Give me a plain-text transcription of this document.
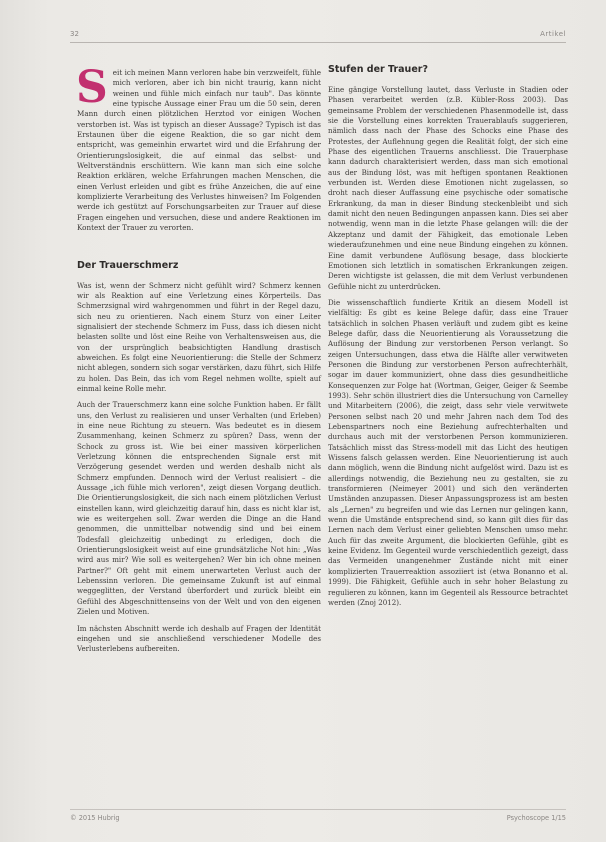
32	Artikel

Seit ich meinen Mann verloren habe bin verzweifelt, fühle mich verloren, aber ich bin nicht traurig, kann nicht weinen und fühle mich einfach nur taub". Das könnte eine typische Aussage einer Frau um die 50 sein, deren Mann durch einen plötzlichen Herztod vor einigen Wochen verstorben ist. Was ist typisch an dieser Aussage? Typisch ist das Erstaunen über die eigene Reaktion, die so gar nicht dem entspricht, was gemeinhin erwartet wird und die Erfahrung der Orientierungslosigkeit, die auf einmal das selbst- und Weltverständnis erschüttern. Wie kann man sich eine solche Reaktion erklären, welche Erfahrungen machen Menschen, die einen Verlust erleiden und gibt es frühe Anzeichen, die auf eine komplizierte Verarbeitung des Verlustes hinweisen? Im Folgenden werde ich gestützt auf Forschungsarbeiten zur Trauer auf diese Fragen eingehen und versuchen, diese und andere Reaktionen im Kontext der Trauer zu verorten.

Der Trauerschmerz

Was ist, wenn der Schmerz nicht gefühlt wird? Schmerz kennen wir als Reaktion auf eine Verletzung eines Körperteils. Das Schmerzsignal wird wahrgenommen und führt in der Regel dazu, sich neu zu orientieren. Nach einem Sturz von einer Leiter signalisiert der stechende Schmerz im Fuss, dass ich diesen nicht belasten sollte und löst eine Reihe von Verhaltensweisen aus, die von der ursprünglich beabsichtigten Handlung drastisch abweichen. Es folgt eine Neuorientierung: die Stelle der Schmerz nicht ablegen, sondern sich sogar verstärken, dazu führt, sich Hilfe zu holen. Das Bein, das ich vom Regel nehmen wollte, spielt auf einmal keine Rolle mehr.

Auch der Trauerschmerz kann eine solche Funktion haben. Er fällt uns, den Verlust zu realisieren und unser Verhalten (und Erleben) in eine neue Richtung zu steuern. Was bedeutet es in diesem Zusammenhang, keinen Schmerz zu spüren? Dass, wenn der Schock zu gross ist. Wie bei einer massiven körperlichen Verletzung können die entsprechenden Signale erst mit Verzögerung gesendet werden und werden deshalb nicht als Schmerz empfunden. Dennoch wird der Verlust realisiert – die Aussage „ich fühle mich verloren", zeigt diesen Vorgang deutlich. Die Orientierungslosigkeit, die sich nach einem plötzlichen Verlust einstellen kann, wird gleichzeitig darauf hin, dass es nicht klar ist, wie es weitergehen soll. Zwar werden die Dinge an die Hand genommen, die unmittelbar notwendig sind und bei einem Todesfall gleichzeitig unbedingt zu erledigen, doch die Orientierungslosigkeit weist auf eine grundsätzliche Not hin: „Was wird aus mir? Wie soll es weitergehen? Wer bin ich ohne meinen Partner?" Oft geht mit einem unerwarteten Verlust auch der Lebenssinn verloren. Die gemeinsame Zukunft ist auf einmal weggeglitten, der Verstand überfordert und zurück bleibt ein Gefühl des Abgeschnittenseins von der Welt und von den eigenen Zielen und Motiven.

Im nächsten Abschnitt werde ich deshalb auf Fragen der Identität eingehen und sie anschließend verschiedener Modelle des Verlusterlebens aufbereiten.

Stufen der Trauer?

Eine gängige Vorstellung lautet, dass Verluste in Stadien oder Phasen verarbeitet werden (z.B. Kübler-Ross 2003). Das gemeinsame Problem der verschiedenen Phasenmodelle ist, dass sie die Vorstellung eines korrekten Trauerablaufs suggerieren, nämlich dass nach der Phase des Schocks eine Phase des Protestes, der Auflehnung gegen die Realität folgt, der sich eine Phase des eigentlichen Trauerns anschliesst. Die Trauerphase kann dadurch charakterisiert werden, dass man sich emotional aus der Bindung löst, was mit heftigen spontanen Reaktionen verbunden ist. Werden diese Emotionen nicht zugelassen, so droht nach dieser Auffassung eine psychische oder somatische Erkrankung, da man in dieser Bindung steckenbleibt und sich damit nicht den neuen Bedingungen anpassen kann. Dies sei aber notwendig, wenn man in die letzte Phase gelangen will: die der Akzeptanz und damit der Fähigkeit, das emotionale Leben wiederaufzunehmen und eine neue Bindung eingehen zu können. Eine damit verbundene Auflösung besage, dass blockierte Emotionen sich letztlich in somatischen Erkrankungen zeigen. Deren wichtigste ist gelassen, die mit dem Verlust verbundenen Gefühle nicht zu unterdrücken.

Die wissenschaftlich fundierte Kritik an diesem Modell ist vielfältig: Es gibt es keine Belege dafür, dass eine Trauer tatsächlich in solchen Phasen verläuft und zudem gibt es keine Belege dafür, dass die Neuorientierung als Voraussetzung die Auflösung der Bindung zur verstorbenen Person verlangt. So zeigen Untersuchungen, dass etwa die Hälfte aller verwitweten Personen die Bindung zur verstorbenen Person aufrechterhält, sogar im dauer kommuniziert, ohne dass dies gesundheitliche Konsequenzen zur Folge hat (Wortman, Geiger, Geiger & Seembe 1993). Sehr schön illustriert dies die Untersuchung von Carnelley und Mitarbeitern (2006), die zeigt, dass sehr viele verwitwete Personen selbst nach 20 und mehr Jahren nach dem Tod des Lebenspartners noch eine Beziehung aufrechterhalten und durchaus auch mit der verstorbenen Person kommunizieren. Tatsächlich misst das Stress-modell mit das Licht des heutigen Wissens falsch gelassen werden. Eine Neuorientierung ist auch dann möglich, wenn die Bindung nicht aufgelöst wird. Dazu ist es allerdings notwendig, die Beziehung neu zu gestalten, sie zu transformieren (Neimeyer 2001) und sich den veränderten Umständen anzupassen. Dieser Anpassungsprozess ist am besten als „Lernen" zu begreifen und wie das Lernen nur gelingen kann, wenn die Umstände entsprechend sind, so kann gilt dies für das Lernen nach dem Verlust einer geliebten Menschen umso mehr. Auch für das zweite Argument, die blockierten Gefühle, gibt es keine Evidenz. Im Gegenteil wurde verschiedentlich gezeigt, dass das Vermeiden unangenehmer Zustände nicht mit einer komplizierten Trauerreaktion assoziiert ist (etwa Bonanno et al. 1999). Die Fähigkeit, Gefühle auch in sehr hoher Belastung zu regulieren zu können, kann im Gegenteil als Ressource betrachtet werden (Znoj 2012).

© 2015 Hubrig	Psychoscope 1/15
